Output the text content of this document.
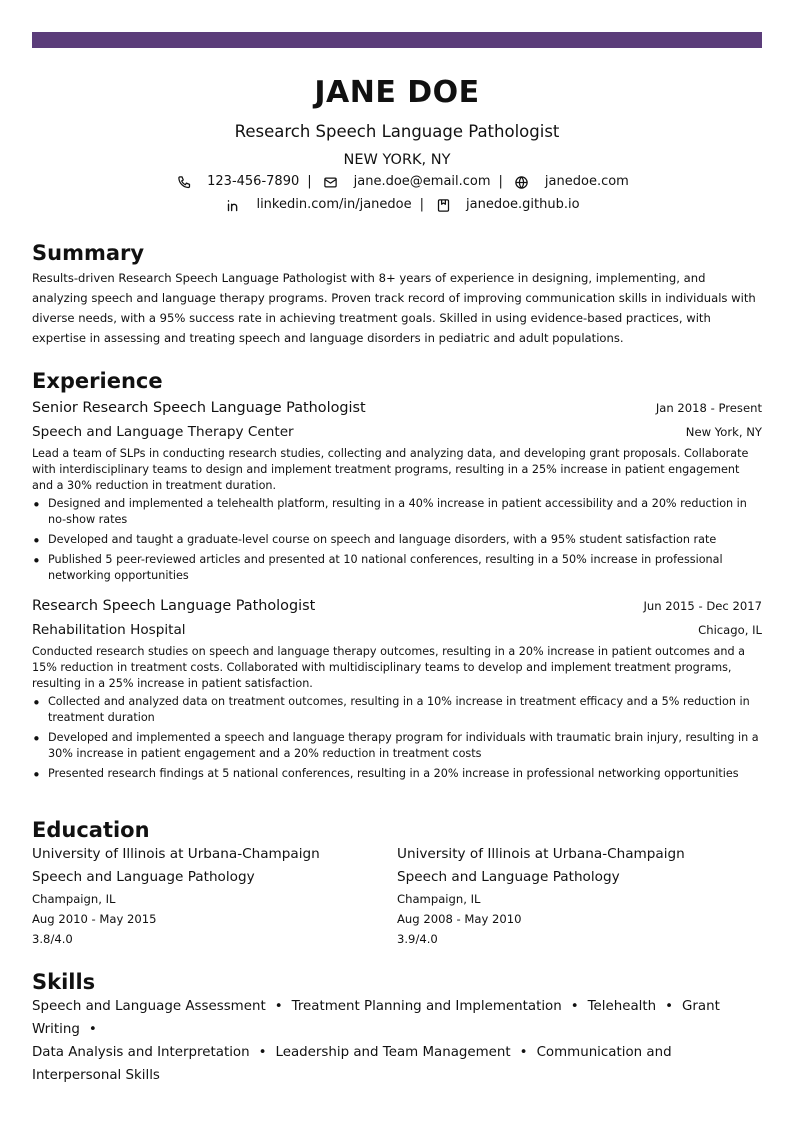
JANE DOE
Research Speech Language Pathologist
NEW YORK, NY
123-456-7890 |	jane.doe@email.com |	janedoe.com
linkedin.com/in/janedoe |	janedoe.github.io
Summary
Results-driven Research Speech Language Pathologist with 8+ years of experience in designing, implementing, and analyzing speech and language therapy programs. Proven track record of improving communication skills in individuals with diverse needs, with a 95% success rate in achieving treatment goals. Skilled in using evidence-based practices, with expertise in assessing and treating speech and language disorders in pediatric and adult populations.
Experience
Senior Research Speech Language Pathologist	Jan 2018 - Present
Speech and Language Therapy Center	New York, NY
Lead a team of SLPs in conducting research studies, collecting and analyzing data, and developing grant proposals. Collaborate with interdisciplinary teams to design and implement treatment programs, resulting in a 25% increase in patient engagement and a 30% reduction in treatment duration.
• Designed and implemented a telehealth platform, resulting in a 40% increase in patient accessibility and a 20% reduction in no-show rates
• Developed and taught a graduate-level course on speech and language disorders, with a 95% student satisfaction rate
• Published 5 peer-reviewed articles and presented at 10 national conferences, resulting in a 50% increase in professional networking opportunities
Research Speech Language Pathologist	Jun 2015 - Dec 2017
Rehabilitation Hospital	Chicago, IL
Conducted research studies on speech and language therapy outcomes, resulting in a 20% increase in patient outcomes and a 15% reduction in treatment costs. Collaborated with multidisciplinary teams to develop and implement treatment programs, resulting in a 25% increase in patient satisfaction.
• Collected and analyzed data on treatment outcomes, resulting in a 10% increase in treatment efficacy and a 5% reduction in treatment duration
• Developed and implemented a speech and language therapy program for individuals with traumatic brain injury, resulting in a 30% increase in patient engagement and a 20% reduction in treatment costs
• Presented research findings at 5 national conferences, resulting in a 20% increase in professional networking opportunities
Education
University of Illinois at Urbana-Champaign
Speech and Language Pathology
Champaign, IL
Aug 2010 - May 2015
3.8/4.0
University of Illinois at Urbana-Champaign
Speech and Language Pathology
Champaign, IL
Aug 2008 - May 2010
3.9/4.0
Skills
Speech and Language Assessment • Treatment Planning and Implementation • Telehealth • Grant Writing •
Data Analysis and Interpretation • Leadership and Team Management • Communication and Interpersonal Skills
